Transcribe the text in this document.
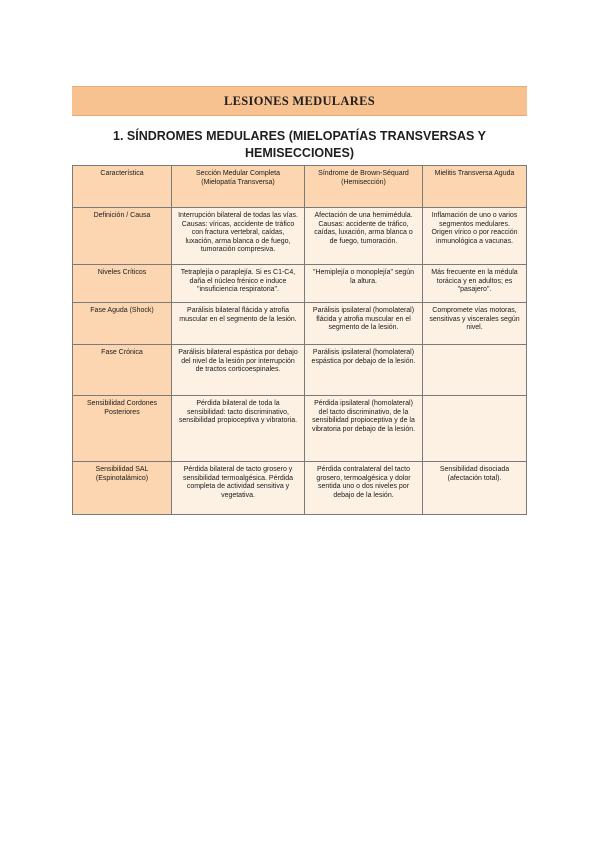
LESIONES MEDULARES
1. SÍNDROMES MEDULARES (MIELOPATÍAS TRANSVERSAS Y HEMISECCIONES)
Característica	Sección Medular Completa (Mielopatía Transversa)	Síndrome de Brown-Séquard (Hemisección)	Mielitis Transversa Aguda
Definición / Causa	Interrupción bilateral de todas las vías. Causas: víricas, accidente de tráfico con fractura vertebral, caídas, luxación, arma blanca o de fuego, tumoración compresiva.	Afectación de una hemimédula. Causas: accidente de tráfico, caídas, luxación, arma blanca o de fuego, tumoración.	Inflamación de uno o varios segmentos medulares. Origen vírico o por reacción inmunológica a vacunas.
Niveles Críticos	Tetraplejía o paraplejía. Si es C1-C4, daña el núcleo frénico e induce "insuficiencia respiratoria".	"Hemiplejía o monoplejía" según la altura.	Más frecuente en la médula torácica y en adultos; es "pasajero".
Fase Aguda (Shock)	Parálisis bilateral flácida y atrofia muscular en el segmento de la lesión.	Parálisis ipsilateral (homolateral) flácida y atrofia muscular en el segmento de la lesión.	Compromete vías motoras, sensitivas y viscerales según nivel.
Fase Crónica	Parálisis bilateral espástica por debajo del nivel de la lesión por interrupción de tractos corticoespinales.	Parálisis ipsilateral (homolateral) espástica por debajo de la lesión.	
Sensibilidad Cordones Posteriores	Pérdida bilateral de toda la sensibilidad: tacto discriminativo, sensibilidad propioceptiva y vibratoria.	Pérdida ipsilateral (homolateral) del tacto discriminativo, de la sensibilidad propioceptiva y de la vibratoria por debajo de la lesión.	
Sensibilidad SAL (Espinotalámico)	Pérdida bilateral de tacto grosero y sensibilidad termoalgésica. Pérdida completa de actividad sensitiva y vegetativa.	Pérdida contralateral del tacto grosero, termoalgésica y dolor sentida uno o dos niveles por debajo de la lesión.	Sensibilidad disociada (afectación total).
